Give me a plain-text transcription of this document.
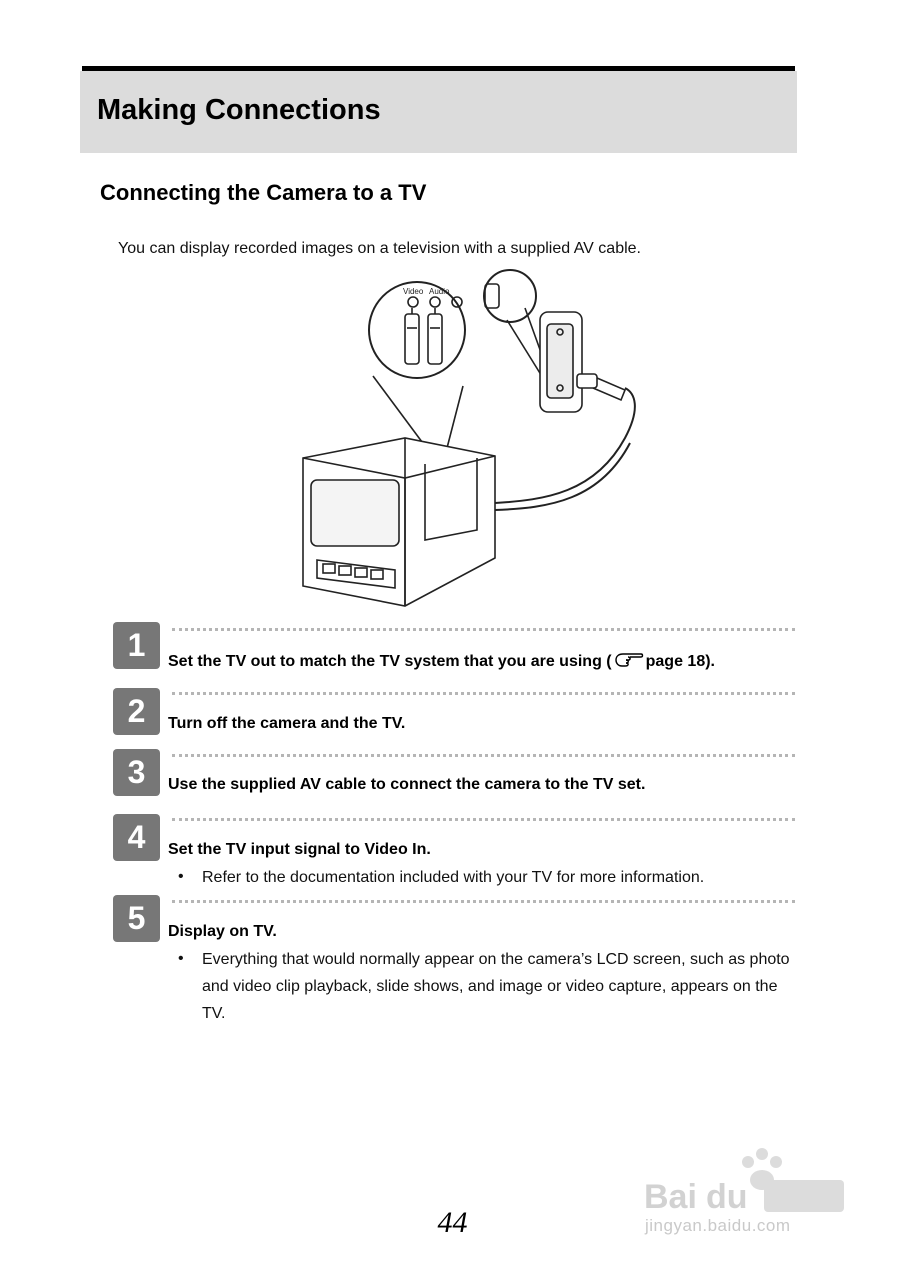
Making Connections
Connecting the Camera to a TV

You can display recorded images on a television with a supplied AV cable.

Video Audio
1	Set the TV out to match the TV system that you are using ( page 18).

2	Turn off the camera and the TV.

3	Use the supplied AV cable to connect the camera to the TV set.

4	Set the TV input signal to Video In.

• Refer to the documentation included with your TV for more information.

5	Display on TV.

• Everything that would normally appear on the camera’s LCD screen, such as photo and video clip playback, slide shows, and image or video capture, appears on the TV.

44
Bai du
jingyan.baidu.com
